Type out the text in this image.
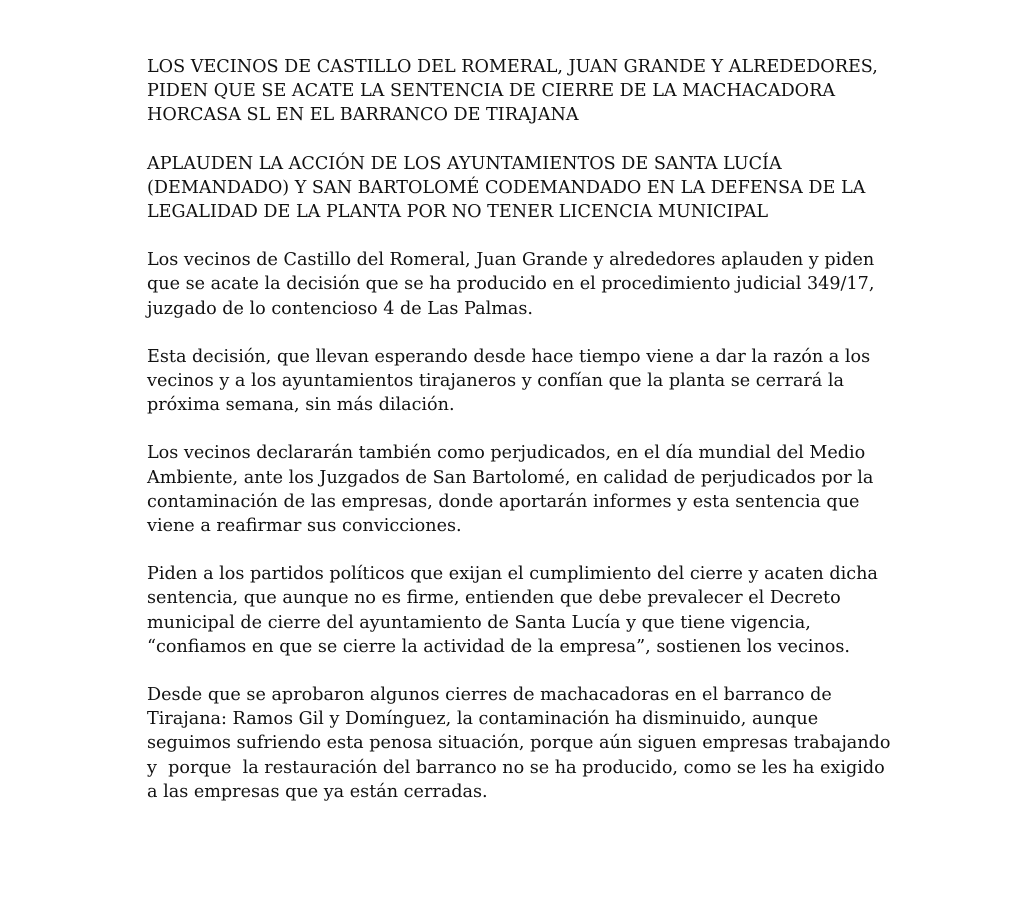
LOS VECINOS DE CASTILLO DEL ROMERAL, JUAN GRANDE Y ALREDEDORES,
PIDEN QUE SE ACATE LA SENTENCIA DE CIERRE DE LA MACHACADORA
HORCASA SL EN EL BARRANCO DE TIRAJANA
APLAUDEN LA ACCIÓN DE LOS AYUNTAMIENTOS DE SANTA LUCÍA
(DEMANDADO) Y SAN BARTOLOMÉ CODEMANDADO EN LA DEFENSA DE LA
LEGALIDAD DE LA PLANTA POR NO TENER LICENCIA MUNICIPAL

Los vecinos de Castillo del Romeral, Juan Grande y alrededores aplauden y piden
que se acate la decisión que se ha producido en el procedimiento judicial 349/17,
juzgado de lo contencioso 4 de Las Palmas.

Esta decisión, que llevan esperando desde hace tiempo viene a dar la razón a los
vecinos y a los ayuntamientos tirajaneros y confían que la planta se cerrará la
próxima semana, sin más dilación.

Los vecinos declararán también como perjudicados, en el día mundial del Medio
Ambiente, ante los Juzgados de San Bartolomé, en calidad de perjudicados por la
contaminación de las empresas, donde aportarán informes y esta sentencia que
viene a reafirmar sus convicciones.

Piden a los partidos políticos que exijan el cumplimiento del cierre y acaten dicha
sentencia, que aunque no es firme, entienden que debe prevalecer el Decreto
municipal de cierre del ayuntamiento de Santa Lucía y que tiene vigencia,
“confiamos en que se cierre la actividad de la empresa”, sostienen los vecinos.

Desde que se aprobaron algunos cierres de machacadoras en el barranco de
Tirajana: Ramos Gil y Domínguez, la contaminación ha disminuido, aunque
seguimos sufriendo esta penosa situación, porque aún siguen empresas trabajando
y  porque  la restauración del barranco no se ha producido, como se les ha exigido
a las empresas que ya están cerradas.
